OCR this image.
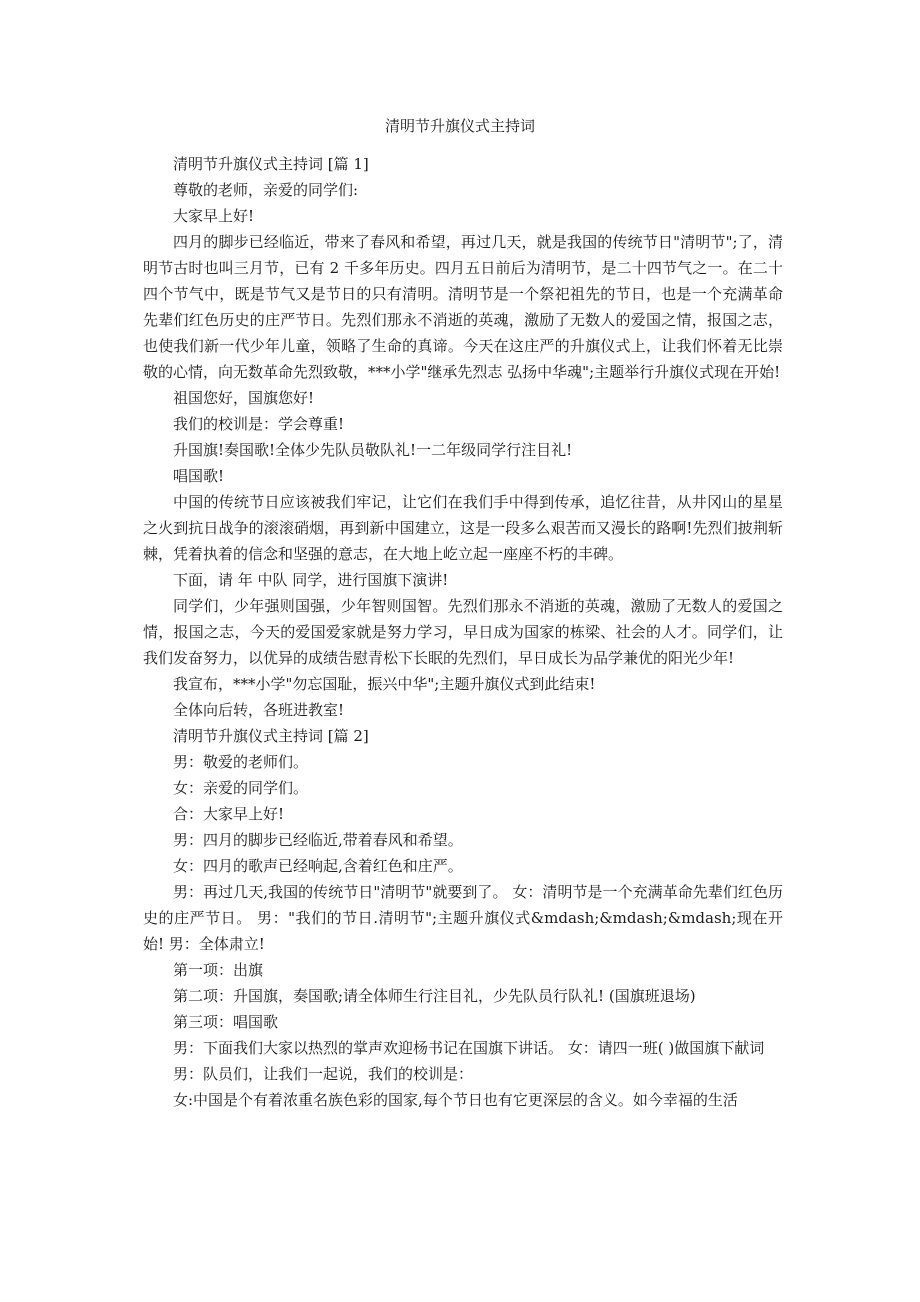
清明节升旗仪式主持词

清明节升旗仪式主持词 [篇 1]

尊敬的老师，亲爱的同学们:

大家早上好!

四月的脚步已经临近，带来了春风和希望，再过几天，就是我国的传统节日"清明节";了，清明节古时也叫三月节，已有 2 千多年历史。四月五日前后为清明节，是二十四节气之一。在二十四个节气中，既是节气又是节日的只有清明。清明节是一个祭祀祖先的节日，也是一个充满革命先辈们红色历史的庄严节日。先烈们那永不消逝的英魂，激励了无数人的爱国之情，报国之志，也使我们新一代少年儿童，领略了生命的真谛。今天在这庄严的升旗仪式上，让我们怀着无比崇敬的心情，向无数革命先烈致敬，***小学"继承先烈志 弘扬中华魂";主题举行升旗仪式现在开始!

祖国您好，国旗您好!

我们的校训是：学会尊重!

升国旗!奏国歌!全体少先队员敬队礼!一二年级同学行注目礼!

唱国歌!

中国的传统节日应该被我们牢记，让它们在我们手中得到传承，追忆往昔，从井冈山的星星之火到抗日战争的滚滚硝烟，再到新中国建立，这是一段多么艰苦而又漫长的路啊!先烈们披荆斩棘，凭着执着的信念和坚强的意志，在大地上屹立起一座座不朽的丰碑。

下面，请 年 中队 同学，进行国旗下演讲!

同学们，少年强则国强，少年智则国智。先烈们那永不消逝的英魂，激励了无数人的爱国之情，报国之志，今天的爱国爱家就是努力学习，早日成为国家的栋梁、社会的人才。同学们，让我们发奋努力，以优异的成绩告慰青松下长眠的先烈们，早日成长为品学兼优的阳光少年!

我宣布，***小学"勿忘国耻，振兴中华";主题升旗仪式到此结束!

全体向后转，各班进教室!

清明节升旗仪式主持词 [篇 2]

男：敬爱的老师们。

女：亲爱的同学们。

合：大家早上好!

男：四月的脚步已经临近,带着春风和希望。

女：四月的歌声已经响起,含着红色和庄严。

男：再过几天,我国的传统节日"清明节"就要到了。 女：清明节是一个充满革命先辈们红色历史的庄严节日。 男："我们的节日.清明节";主题升旗仪式&mdash;&mdash;&mdash;现在开始! 男：全体肃立!

第一项：出旗

第二项：升国旗，奏国歌;请全体师生行注目礼，少先队员行队礼! (国旗班退场)

第三项：唱国歌

男：下面我们大家以热烈的掌声欢迎杨书记在国旗下讲话。 女：请四一班( )做国旗下献词

男：队员们，让我们一起说，我们的校训是：

女:中国是个有着浓重名族色彩的国家,每个节日也有它更深层的含义。如今幸福的生活
